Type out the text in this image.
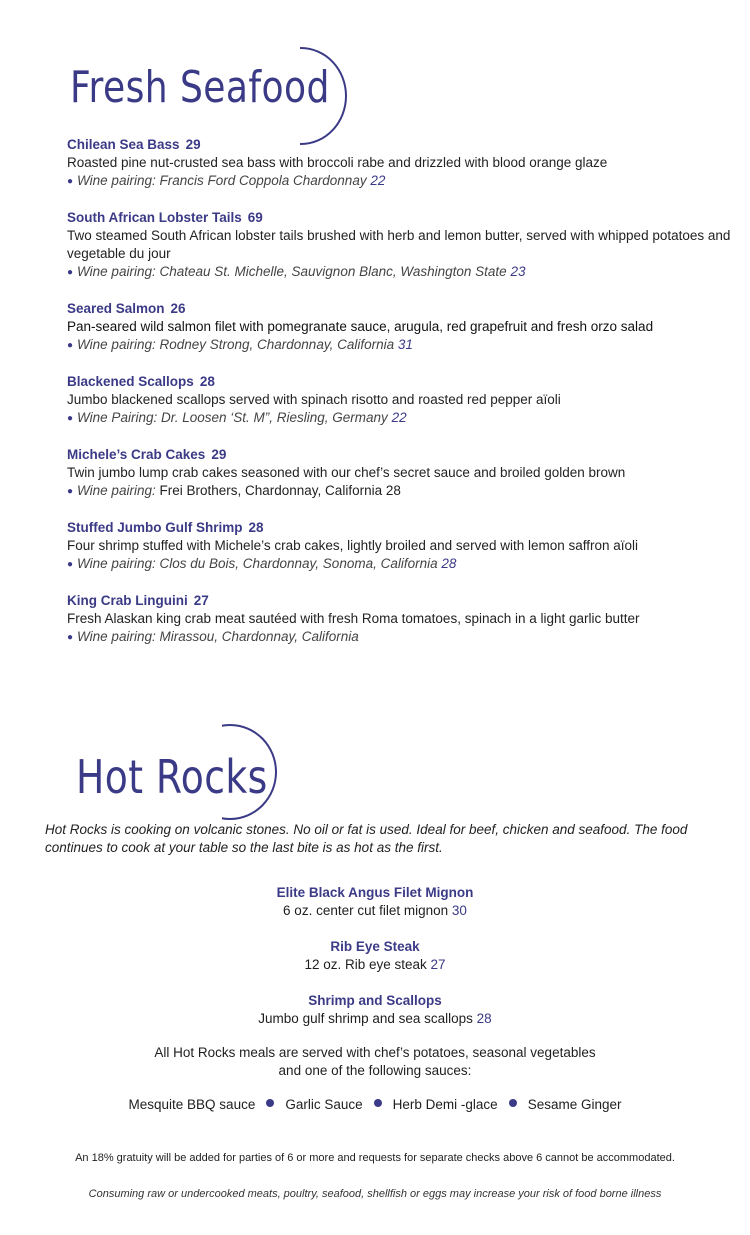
Fresh Seafood
Chilean Sea Bass 29
Roasted pine nut-crusted sea bass with broccoli rabe and drizzled with blood orange glaze
● Wine pairing: Francis Ford Coppola Chardonnay 22
South African Lobster Tails 69
Two steamed South African lobster tails brushed with herb and lemon butter, served with whipped potatoes and vegetable du jour
● Wine pairing: Chateau St. Michelle, Sauvignon Blanc, Washington State 23
Seared Salmon 26
Pan-seared wild salmon filet with pomegranate sauce, arugula, red grapefruit and fresh orzo salad
● Wine pairing: Rodney Strong, Chardonnay, California 31
Blackened Scallops 28
Jumbo blackened scallops served with spinach risotto and roasted red pepper aïoli
● Wine Pairing: Dr. Loosen ‘St. M”, Riesling, Germany 22
Michele’s Crab Cakes 29
Twin jumbo lump crab cakes seasoned with our chef’s secret sauce and broiled golden brown
● Wine pairing: Frei Brothers, Chardonnay, California 28
Stuffed Jumbo Gulf Shrimp 28
Four shrimp stuffed with Michele’s crab cakes, lightly broiled and served with lemon saffron aïoli
● Wine pairing: Clos du Bois, Chardonnay, Sonoma, California 28
King Crab Linguini 27
Fresh Alaskan king crab meat sautéed with fresh Roma tomatoes, spinach in a light garlic butter
● Wine pairing: Mirassou, Chardonnay, California
Hot Rocks
Hot Rocks is cooking on volcanic stones. No oil or fat is used. Ideal for beef, chicken and seafood. The food continues to cook at your table so the last bite is as hot as the first.
Elite Black Angus Filet Mignon
6 oz. center cut filet mignon 30
Rib Eye Steak
12 oz. Rib eye steak 27
Shrimp and Scallops
Jumbo gulf shrimp and sea scallops 28
All Hot Rocks meals are served with chef’s potatoes, seasonal vegetables
and one of the following sauces:
Mesquite BBQ sauce Garlic Sauce Herb Demi -glace Sesame Ginger
An 18% gratuity will be added for parties of 6 or more and requests for separate checks above 6 cannot be accommodated.
Consuming raw or undercooked meats, poultry, seafood, shellfish or eggs may increase your risk of food borne illness
